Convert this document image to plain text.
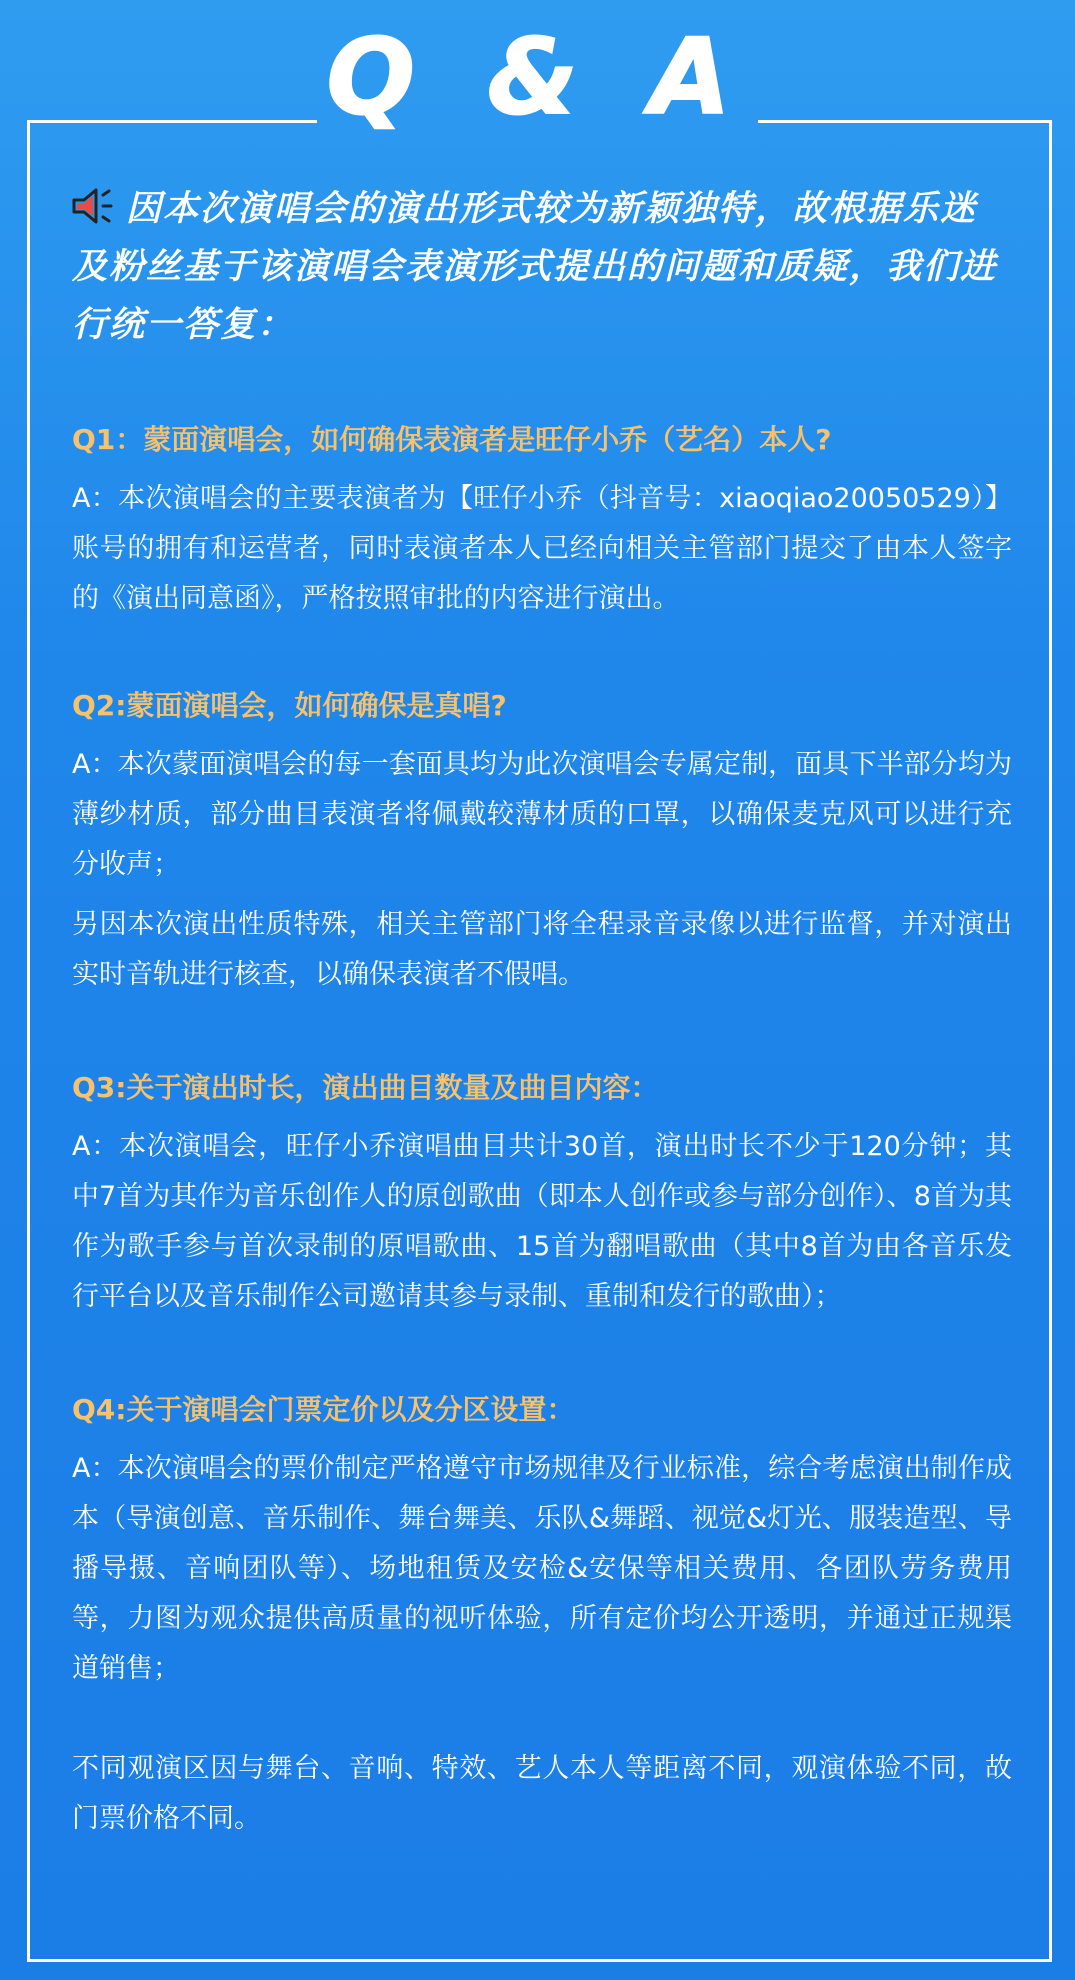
Q & A
因本次演唱会的演出形式较为新颖独特，故根据乐迷及粉丝基于该演唱会表演形式提出的问题和质疑，我们进行统一答复：
Q1：蒙面演唱会，如何确保表演者是旺仔小乔（艺名）本人?
A：本次演唱会的主要表演者为【旺仔小乔（抖音号：xiaoqiao20050529）】账号的拥有和运营者，同时表演者本人已经向相关主管部门提交了由本人签字的《演出同意函》，严格按照审批的内容进行演出。
Q2:蒙面演唱会，如何确保是真唱?
A：本次蒙面演唱会的每一套面具均为此次演唱会专属定制，面具下半部分均为薄纱材质，部分曲目表演者将佩戴较薄材质的口罩，以确保麦克风可以进行充分收声；
另因本次演出性质特殊，相关主管部门将全程录音录像以进行监督，并对演出实时音轨进行核查，以确保表演者不假唱。
Q3:关于演出时长，演出曲目数量及曲目内容：
A：本次演唱会，旺仔小乔演唱曲目共计30首，演出时长不少于120分钟；其中7首为其作为音乐创作人的原创歌曲（即本人创作或参与部分创作）、8首为其作为歌手参与首次录制的原唱歌曲、15首为翻唱歌曲（其中8首为由各音乐发行平台以及音乐制作公司邀请其参与录制、重制和发行的歌曲）；
Q4:关于演唱会门票定价以及分区设置：
A：本次演唱会的票价制定严格遵守市场规律及行业标准，综合考虑演出制作成本（导演创意、音乐制作、舞台舞美、乐队&舞蹈、视觉&灯光、服装造型、导播导摄、音响团队等）、场地租赁及安检&安保等相关费用、各团队劳务费用等，力图为观众提供高质量的视听体验，所有定价均公开透明，并通过正规渠道销售；
不同观演区因与舞台、音响、特效、艺人本人等距离不同，观演体验不同，故门票价格不同。
